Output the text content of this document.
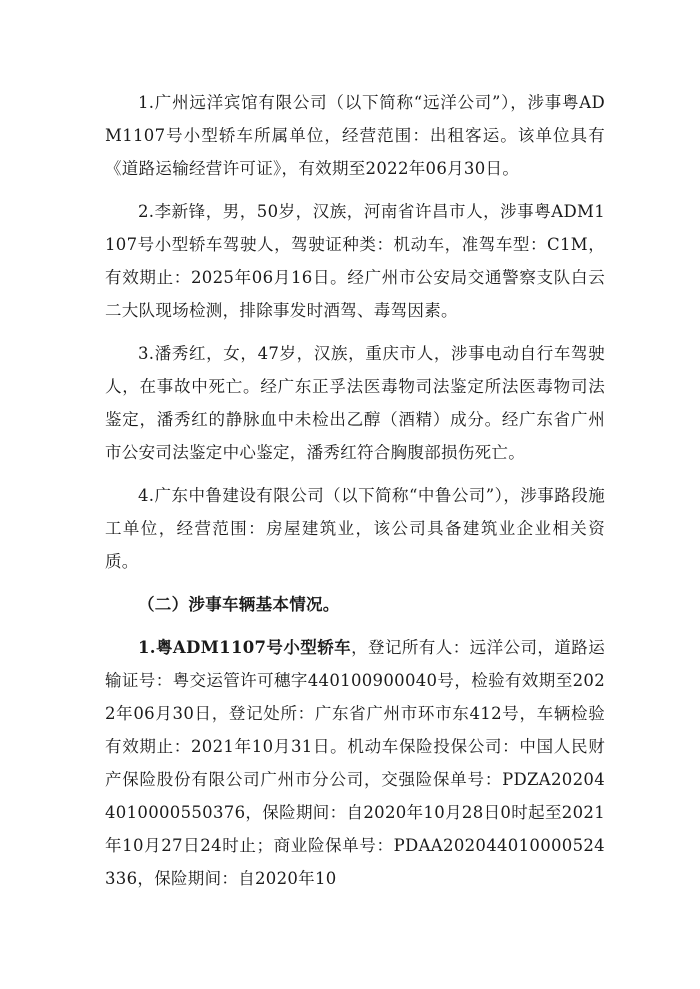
1.广州远洋宾馆有限公司（以下简称“远洋公司”），涉事粤ADM1107号小型轿车所属单位，经营范围：出租客运。该单位具有《道路运输经营许可证》，有效期至2022年06月30日。

2.李新锋，男，50岁，汉族，河南省许昌市人，涉事粤ADM1107号小型轿车驾驶人，驾驶证种类：机动车，准驾车型：C1M，有效期止：2025年06月16日。经广州市公安局交通警察支队白云二大队现场检测，排除事发时酒驾、毒驾因素。

3.潘秀红，女，47岁，汉族，重庆市人，涉事电动自行车驾驶人，在事故中死亡。经广东正孚法医毒物司法鉴定所法医毒物司法鉴定，潘秀红的静脉血中未检出乙醇（酒精）成分。经广东省广州市公安司法鉴定中心鉴定，潘秀红符合胸腹部损伤死亡。

4.广东中鲁建设有限公司（以下简称“中鲁公司”），涉事路段施工单位，经营范围：房屋建筑业，该公司具备建筑业企业相关资质。

（二）涉事车辆基本情况。

1.粤ADM1107号小型轿车，登记所有人：远洋公司，道路运输证号：粤交运管许可穗字440100900040号，检验有效期至2022年06月30日，登记处所：广东省广州市环市东412号，车辆检验有效期止：2021年10月31日。机动车保险投保公司：中国人民财产保险股份有限公司广州市分公司，交强险保单号：PDZA202044010000550376，保险期间：自2020年10月28日0时起至2021年10月27日24时止；商业险保单号：PDAA202044010000524336，保险期间：自2020年10
